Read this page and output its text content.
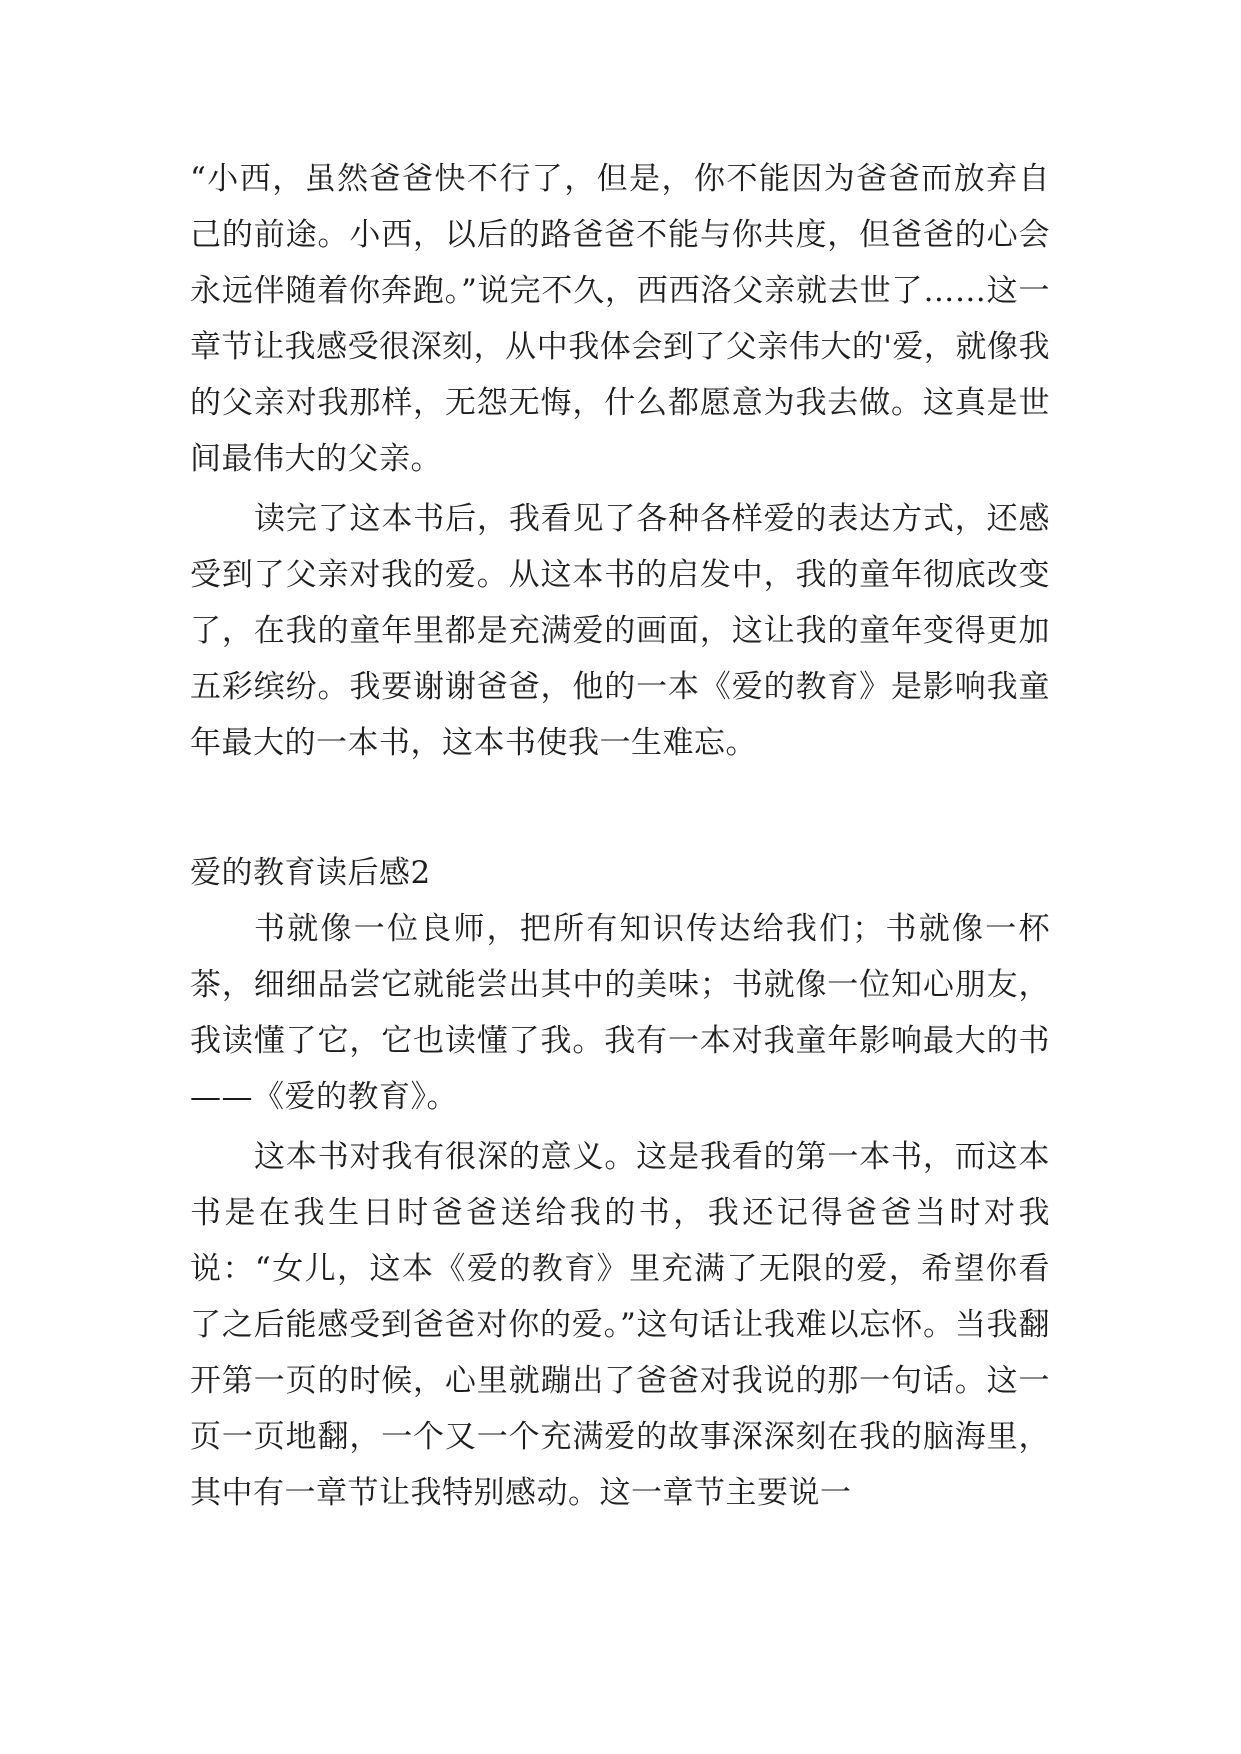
“小西，虽然爸爸快不行了，但是，你不能因为爸爸而放弃自己的前途。小西，以后的路爸爸不能与你共度，但爸爸的心会永远伴随着你奔跑。”说完不久，西西洛父亲就去世了……这一章节让我感受很深刻，从中我体会到了父亲伟大的'爱，就像我的父亲对我那样，无怨无悔，什么都愿意为我去做。这真是世间最伟大的父亲。

读完了这本书后，我看见了各种各样爱的表达方式，还感受到了父亲对我的爱。从这本书的启发中，我的童年彻底改变了，在我的童年里都是充满爱的画面，这让我的童年变得更加五彩缤纷。我要谢谢爸爸，他的一本《爱的教育》是影响我童年最大的一本书，这本书使我一生难忘。

爱的教育读后感2

书就像一位良师，把所有知识传达给我们；书就像一杯茶，细细品尝它就能尝出其中的美味；书就像一位知心朋友，我读懂了它，它也读懂了我。我有一本对我童年影响最大的书——《爱的教育》。

这本书对我有很深的意义。这是我看的第一本书，而这本书是在我生日时爸爸送给我的书，我还记得爸爸当时对我说：“女儿，这本《爱的教育》里充满了无限的爱，希望你看了之后能感受到爸爸对你的爱。”这句话让我难以忘怀。当我翻开第一页的时候，心里就蹦出了爸爸对我说的那一句话。这一页一页地翻，一个又一个充满爱的故事深深刻在我的脑海里，其中有一章节让我特别感动。这一章节主要说一
